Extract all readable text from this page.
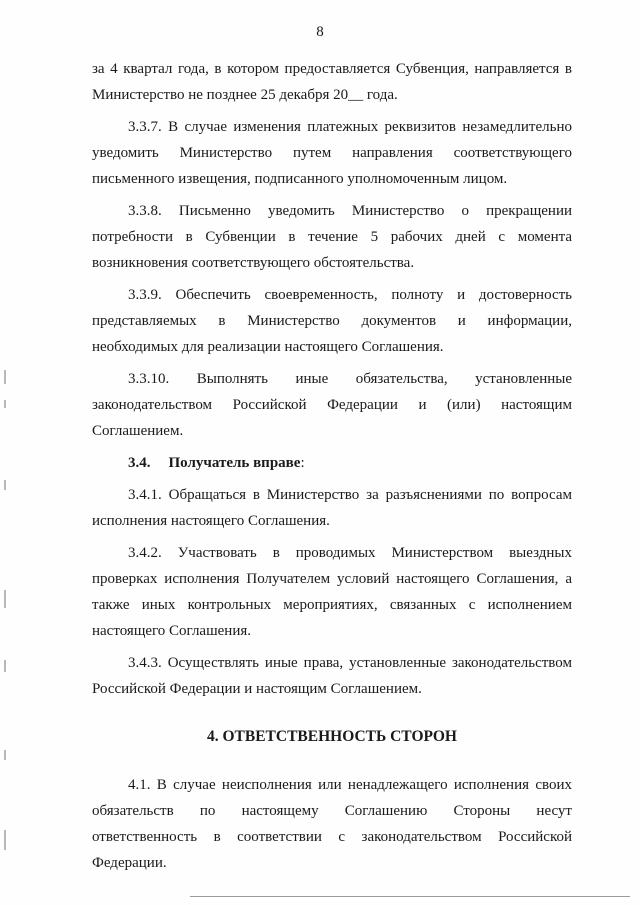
8

за 4 квартал года, в котором предоставляется Субвенция, направляется в
Министерство не позднее 25 декабря 20__ года.

3.3.7. В случае изменения платежных реквизитов незамедлительно
уведомить Министерство путем направления соответствующего
письменного извещения, подписанного уполномоченным лицом.

3.3.8. Письменно уведомить Министерство о прекращении
потребности в Субвенции в течение 5 рабочих дней с момента
возникновения соответствующего обстоятельства.

3.3.9. Обеспечить своевременность, полноту и достоверность
представляемых в Министерство документов и информации,
необходимых для реализации настоящего Соглашения.

3.3.10. Выполнять иные обязательства, установленные
законодательством Российской Федерации и (или) настоящим
Соглашением.

3.4. Получатель вправе:

3.4.1. Обращаться в Министерство за разъяснениями по вопросам
исполнения настоящего Соглашения.

3.4.2. Участвовать в проводимых Министерством выездных
проверках исполнения Получателем условий настоящего Соглашения, а
также иных контрольных мероприятиях, связанных с исполнением
настоящего Соглашения.

3.4.3. Осуществлять иные права, установленные законодательством
Российской Федерации и настоящим Соглашением.

4. ОТВЕТСТВЕННОСТЬ СТОРОН

4.1. В случае неисполнения или ненадлежащего исполнения своих
обязательств по настоящему Соглашению Стороны несут
ответственность в соответствии с законодательством Российской
Федерации.
